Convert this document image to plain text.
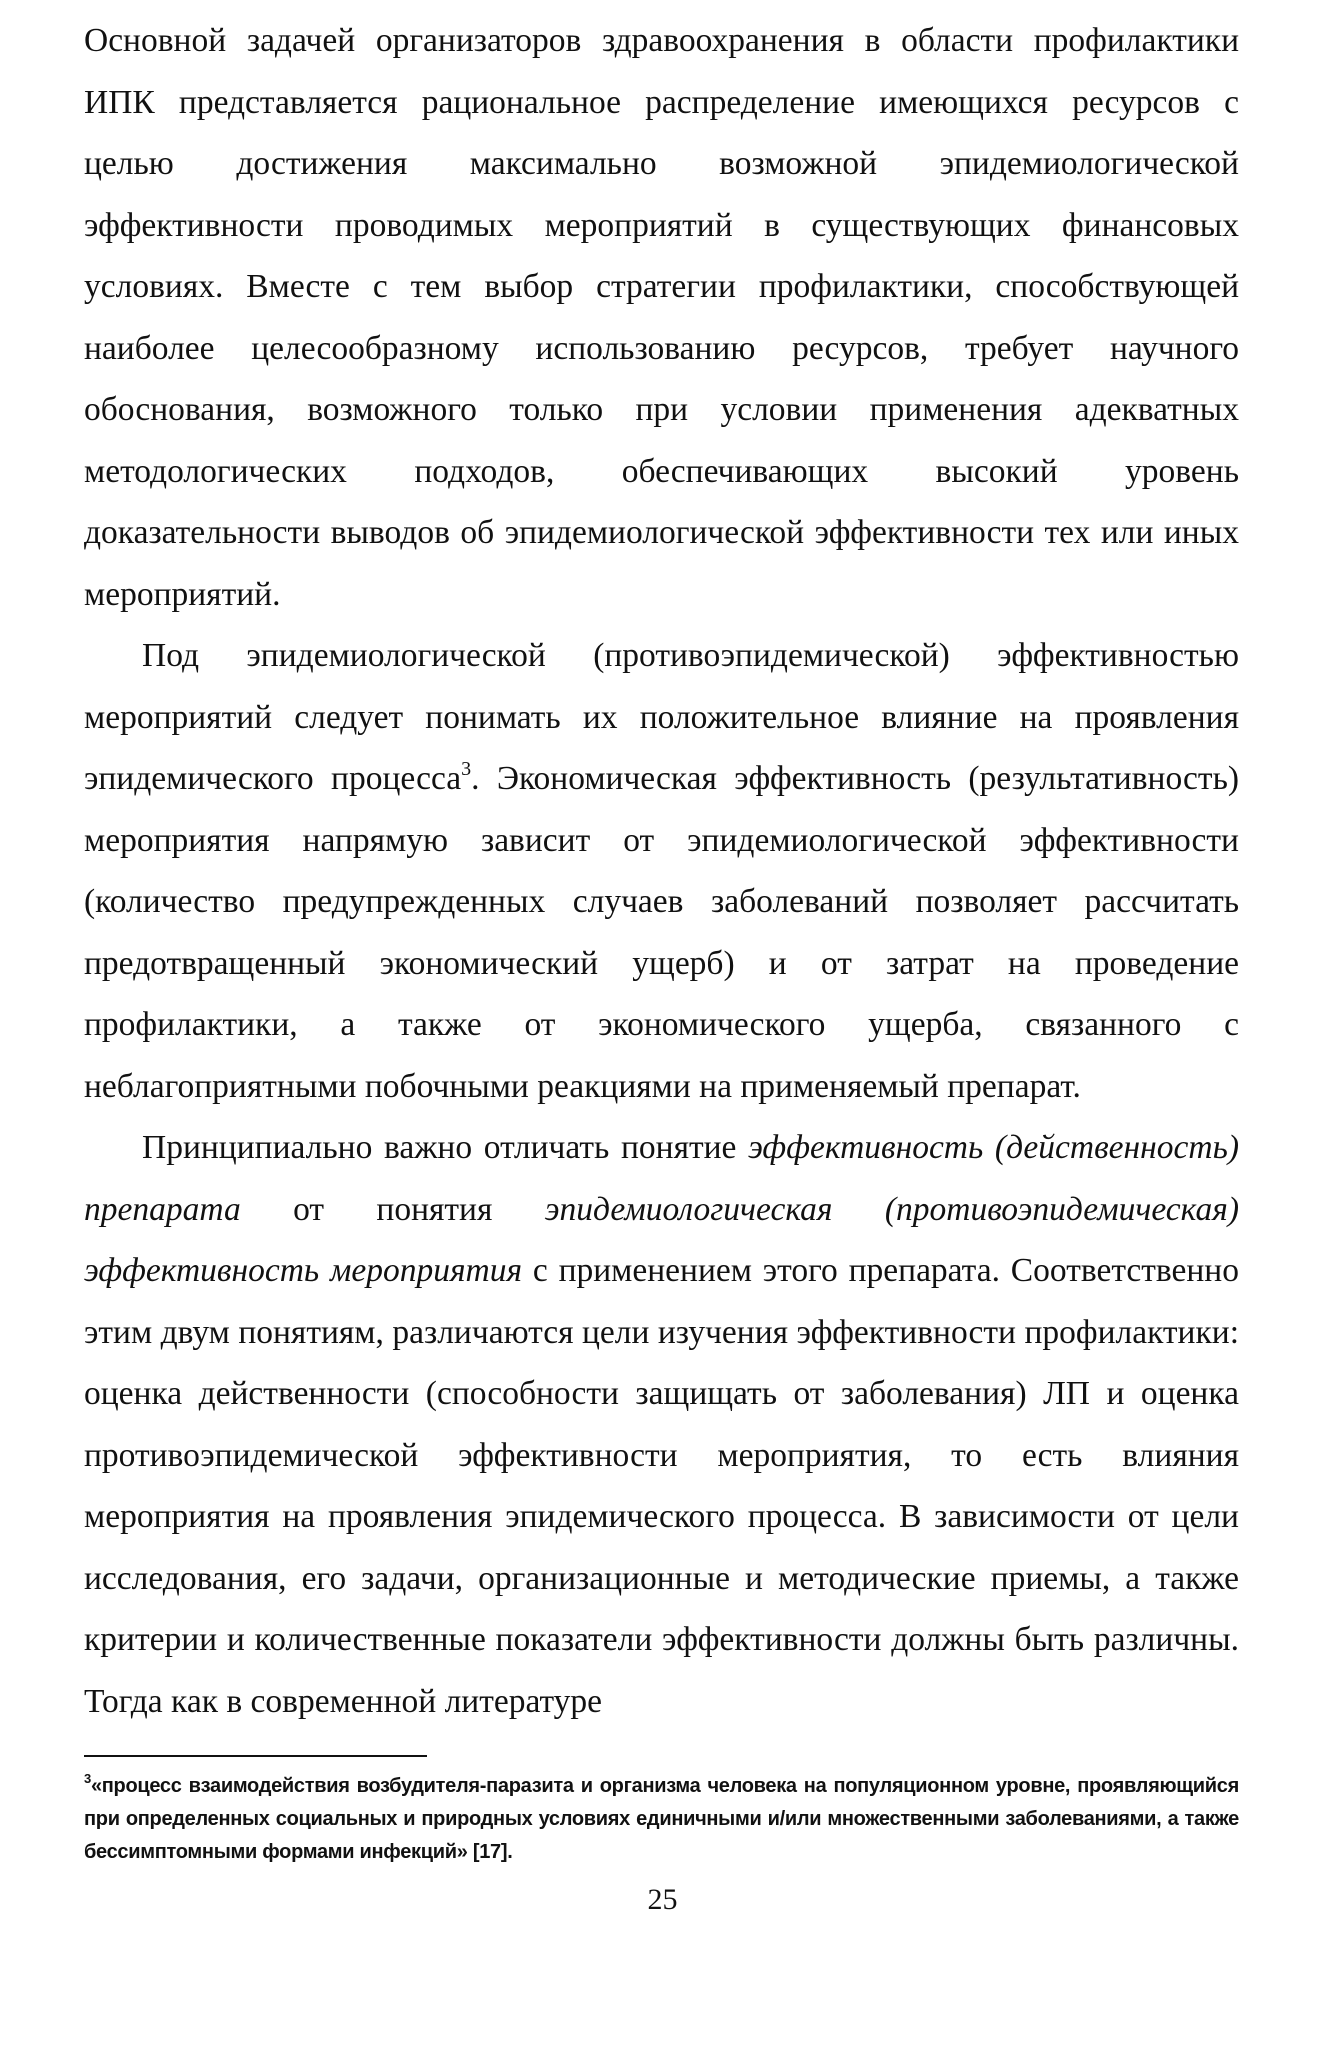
Основной задачей организаторов здравоохранения в области профилактики ИПК представляется рациональное распределение имеющихся ресурсов с целью достижения максимально возможной эпидемиологической эффективности проводимых мероприятий в существующих финансовых условиях. Вместе с тем выбор стратегии профилактики, способствующей наиболее целесообразному использованию ресурсов, требует научного обоснования, возможного только при условии применения адекватных методологических подходов, обеспечивающих высокий уровень доказательности выводов об эпидемиологической эффективности тех или иных мероприятий.

Под эпидемиологической (противоэпидемической) эффективностью мероприятий следует понимать их положительное влияние на проявления эпидемического процесса$^3$. Экономическая эффективность (результативность) мероприятия напрямую зависит от эпидемиологической эффективности (количество предупрежденных случаев заболеваний позволяет рассчитать предотвращенный экономический ущерб) и от затрат на проведение профилактики, а также от экономического ущерба, связанного с неблагоприятными побочными реакциями на применяемый препарат.

Принципиально важно отличать понятие эффективность (действенность) препарата от понятия эпидемиологическая (противоэпидемическая) эффективность мероприятия с применением этого препарата. Соответственно этим двум понятиям, различаются цели изучения эффективности профилактики: оценка действенности (способности защищать от заболевания) ЛП и оценка противоэпидемической эффективности мероприятия, то есть влияния мероприятия на проявления эпидемического процесса. В зависимости от цели исследования, его задачи, организационные и методические приемы, а также критерии и количественные показатели эффективности должны быть различны. Тогда как в современной литературе

$^3$«процесс взаимодействия возбудителя-паразита и организма человека на популяционном уровне, проявляющийся при определенных социальных и природных условиях единичными и/или множественными заболеваниями, а также бессимптомными формами инфекций» [17].

25
